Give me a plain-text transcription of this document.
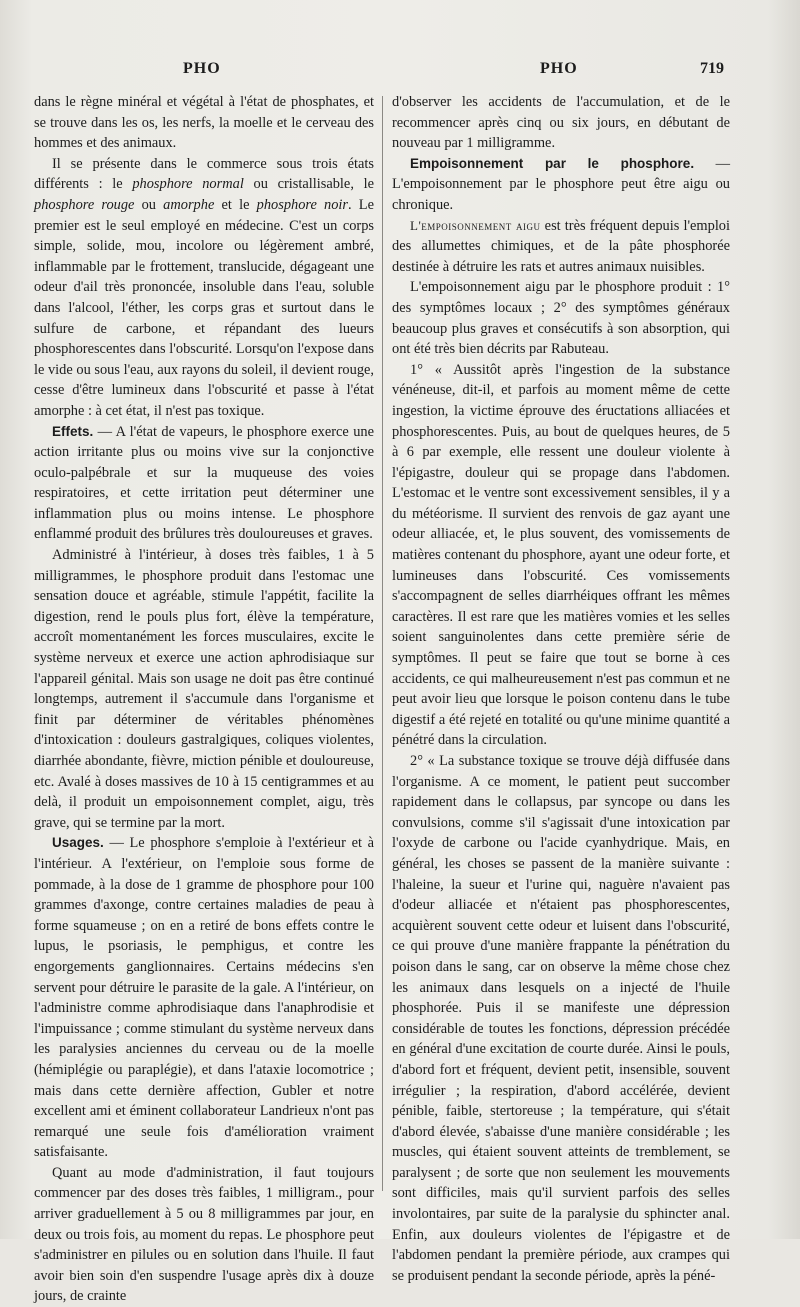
PHO	PHO	719

dans le règne minéral et végétal à l'état de phosphates, et se trouve dans les os, les nerfs, la moelle et le cerveau des hommes et des animaux.

Il se présente dans le commerce sous trois états différents : le phosphore normal ou cristallisable, le phosphore rouge ou amorphe et le phosphore noir. Le premier est le seul employé en médecine. C'est un corps simple, solide, mou, incolore ou légèrement ambré, inflammable par le frottement, translucide, dégageant une odeur d'ail très prononcée, insoluble dans l'eau, soluble dans l'alcool, l'éther, les corps gras et surtout dans le sulfure de carbone, et répandant des lueurs phosphorescentes dans l'obscurité. Lorsqu'on l'expose dans le vide ou sous l'eau, aux rayons du soleil, il devient rouge, cesse d'être lumineux dans l'obscurité et passe à l'état amorphe : à cet état, il n'est pas toxique.

Effets. — A l'état de vapeurs, le phosphore exerce une action irritante plus ou moins vive sur la conjonctive oculo-palpébrale et sur la muqueuse des voies respiratoires, et cette irritation peut déterminer une inflammation plus ou moins intense. Le phosphore enflammé produit des brûlures très douloureuses et graves.

Administré à l'intérieur, à doses très faibles, 1 à 5 milligrammes, le phosphore produit dans l'estomac une sensation douce et agréable, stimule l'appétit, facilite la digestion, rend le pouls plus fort, élève la température, accroît momentanément les forces musculaires, excite le système nerveux et exerce une action aphrodisiaque sur l'appareil génital. Mais son usage ne doit pas être continué longtemps, autrement il s'accumule dans l'organisme et finit par déterminer de véritables phénomènes d'intoxication : douleurs gastralgiques, coliques violentes, diarrhée abondante, fièvre, miction pénible et douloureuse, etc. Avalé à doses massives de 10 à 15 centigrammes et au delà, il produit un empoisonnement complet, aigu, très grave, qui se termine par la mort.

Usages. — Le phosphore s'emploie à l'extérieur et à l'intérieur. A l'extérieur, on l'emploie sous forme de pommade, à la dose de 1 gramme de phosphore pour 100 grammes d'axonge, contre certaines maladies de peau à forme squameuse ; on en a retiré de bons effets contre le lupus, le psoriasis, le pemphigus, et contre les engorgements ganglionnaires. Certains médecins s'en servent pour détruire le parasite de la gale. A l'intérieur, on l'administre comme aphrodisiaque dans l'anaphrodisie et l'impuissance ; comme stimulant du système nerveux dans les paralysies anciennes du cerveau ou de la moelle (hémiplégie ou paraplégie), et dans l'ataxie locomotrice ; mais dans cette dernière affection, Gubler et notre excellent ami et éminent collaborateur Landrieux n'ont pas remarqué une seule fois d'amélioration vraiment satisfaisante.

Quant au mode d'administration, il faut toujours commencer par des doses très faibles, 1 milligram., pour arriver graduellement à 5 ou 8 milligrammes par jour, en deux ou trois fois, au moment du repas. Le phosphore peut s'administrer en pilules ou en solution dans l'huile. Il faut avoir bien soin d'en suspendre l'usage après dix à douze jours, de crainte

d'observer les accidents de l'accumulation, et de le recommencer après cinq ou six jours, en débutant de nouveau par 1 milligramme.

Empoisonnement par le phosphore. — L'empoisonnement par le phosphore peut être aigu ou chronique.

L'empoisonnement aigu est très fréquent depuis l'emploi des allumettes chimiques, et de la pâte phosphorée destinée à détruire les rats et autres animaux nuisibles.

L'empoisonnement aigu par le phosphore produit : 1° des symptômes locaux ; 2° des symptômes généraux beaucoup plus graves et consécutifs à son absorption, qui ont été très bien décrits par Rabuteau.

1° « Aussitôt après l'ingestion de la substance vénéneuse, dit-il, et parfois au moment même de cette ingestion, la victime éprouve des éructations alliacées et phosphorescentes. Puis, au bout de quelques heures, de 5 à 6 par exemple, elle ressent une douleur violente à l'épigastre, douleur qui se propage dans l'abdomen. L'estomac et le ventre sont excessivement sensibles, il y a du météorisme. Il survient des renvois de gaz ayant une odeur alliacée, et, le plus souvent, des vomissements de matières contenant du phosphore, ayant une odeur forte, et lumineuses dans l'obscurité. Ces vomissements s'accompagnent de selles diarrhéiques offrant les mêmes caractères. Il est rare que les matières vomies et les selles soient sanguinolentes dans cette première série de symptômes. Il peut se faire que tout se borne à ces accidents, ce qui malheureusement n'est pas commun et ne peut avoir lieu que lorsque le poison contenu dans le tube digestif a été rejeté en totalité ou qu'une minime quantité a pénétré dans la circulation.

2° « La substance toxique se trouve déjà diffusée dans l'organisme. A ce moment, le patient peut succomber rapidement dans le collapsus, par syncope ou dans les convulsions, comme s'il s'agissait d'une intoxication par l'oxyde de carbone ou l'acide cyanhydrique. Mais, en général, les choses se passent de la manière suivante : l'haleine, la sueur et l'urine qui, naguère n'avaient pas d'odeur alliacée et n'étaient pas phosphorescentes, acquièrent souvent cette odeur et luisent dans l'obscurité, ce qui prouve d'une manière frappante la pénétration du poison dans le sang, car on observe la même chose chez les animaux dans lesquels on a injecté de l'huile phosphorée. Puis il se manifeste une dépression considérable de toutes les fonctions, dépression précédée en général d'une excitation de courte durée. Ainsi le pouls, d'abord fort et fréquent, devient petit, insensible, souvent irrégulier ; la respiration, d'abord accélérée, devient pénible, faible, stertoreuse ; la température, qui s'était d'abord élevée, s'abaisse d'une manière considérable ; les muscles, qui étaient souvent atteints de tremblement, se paralysent ; de sorte que non seulement les mouvements sont difficiles, mais qu'il survient parfois des selles involontaires, par suite de la paralysie du sphincter anal. Enfin, aux douleurs violentes de l'épigastre et de l'abdomen pendant la première période, aux crampes qui se produisent pendant la seconde période, après la péné-
